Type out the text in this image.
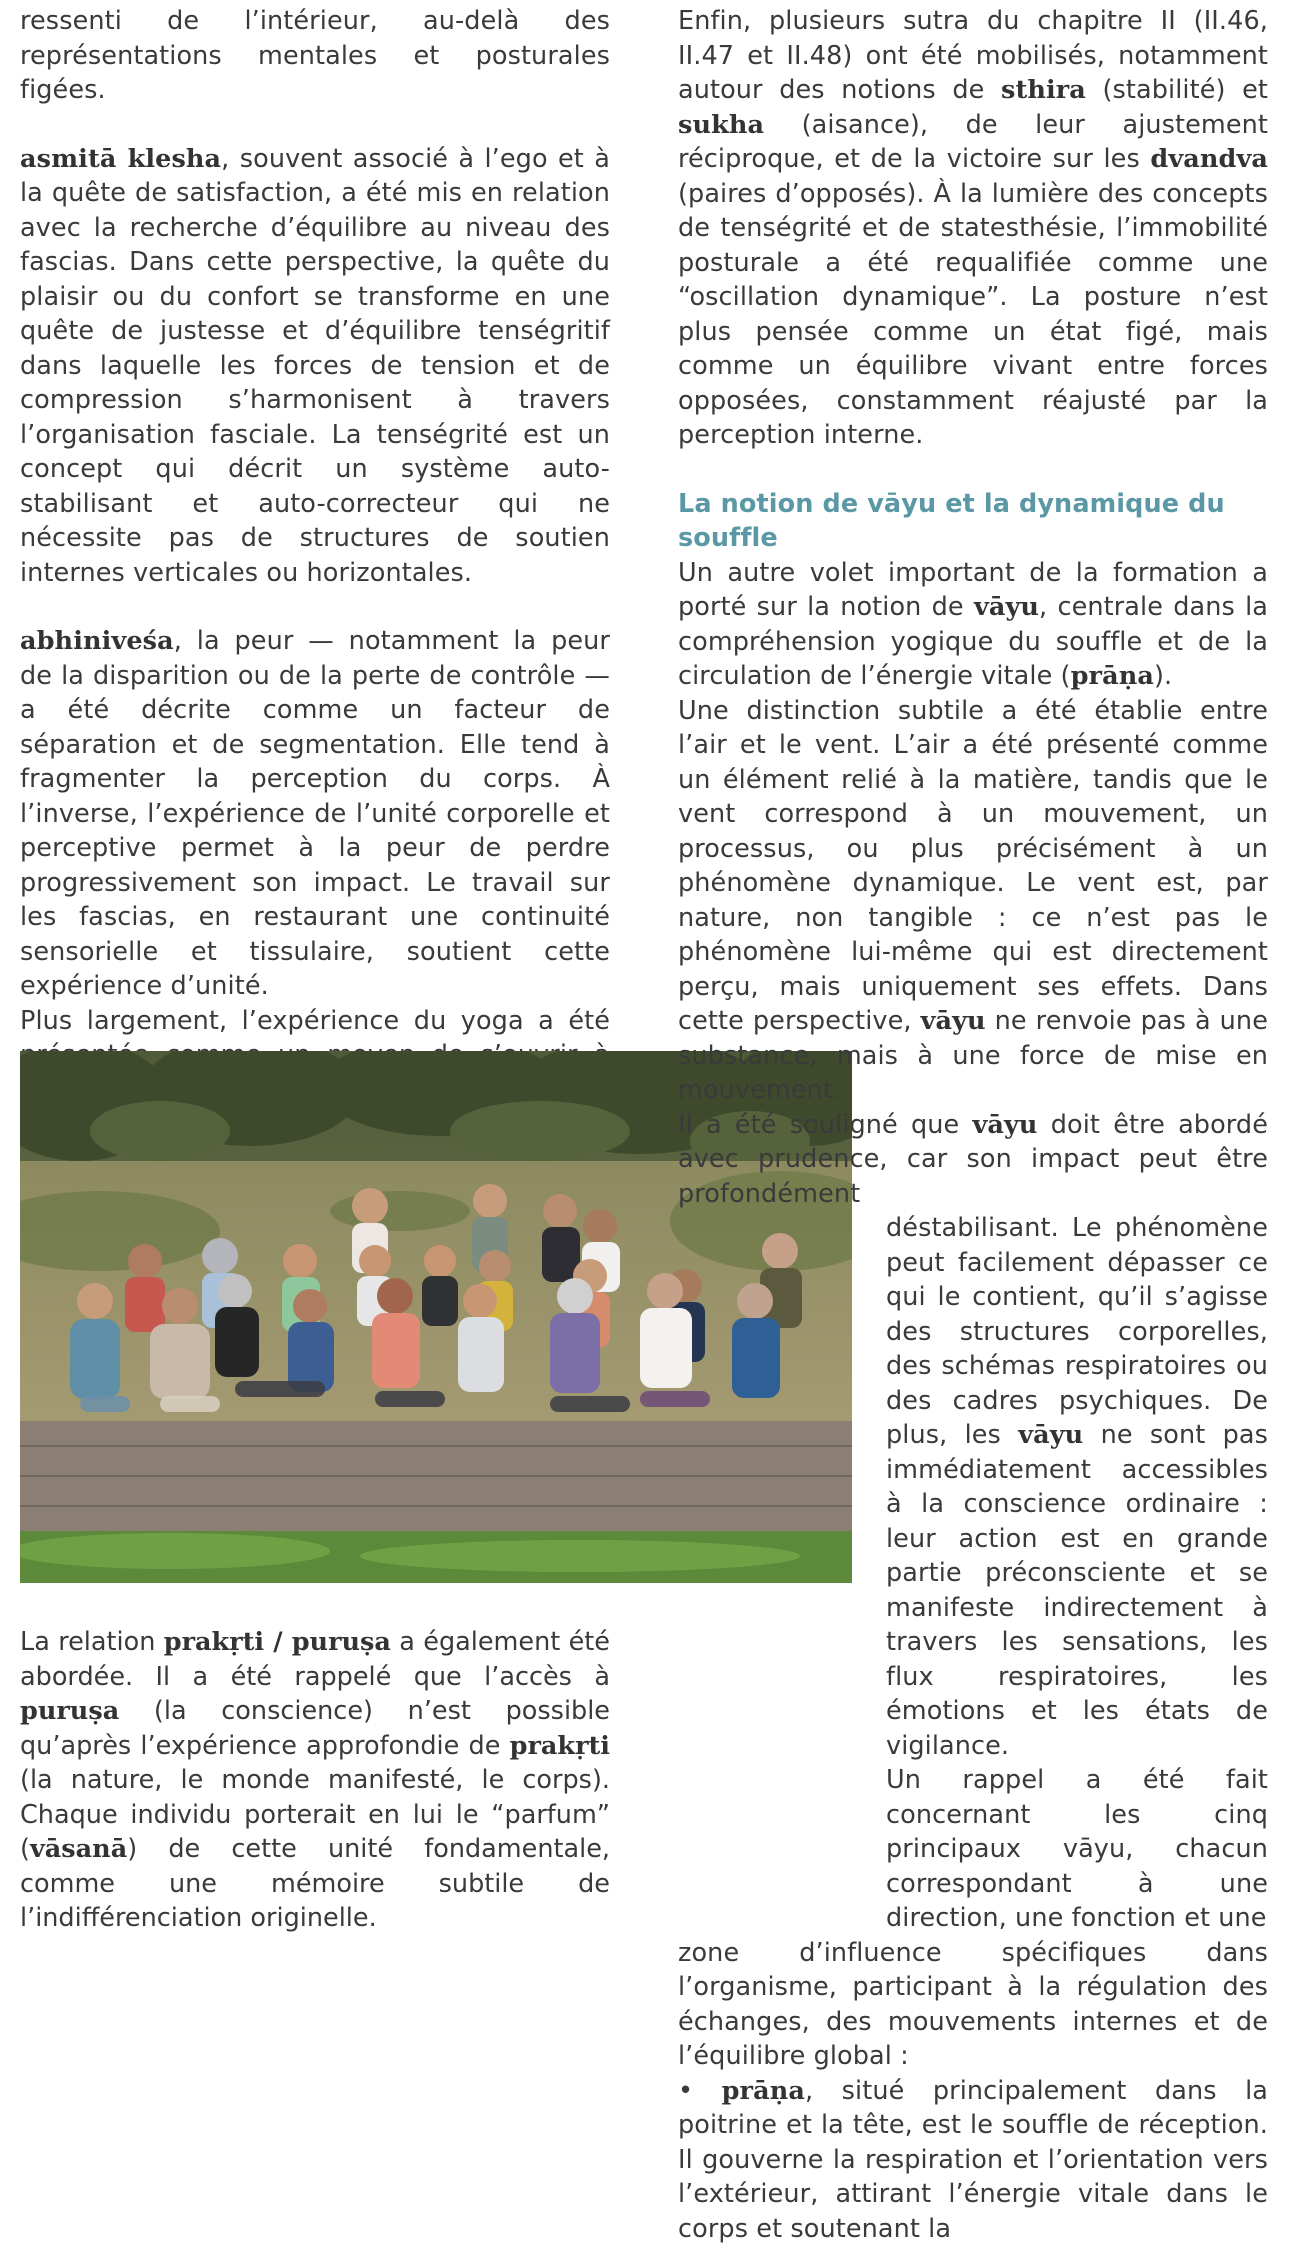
ressenti de l’intérieur, au-delà des représentations mentales et posturales figées.

asmitā klesha, souvent associé à l’ego et à la quête de satisfaction, a été mis en relation avec la recherche d’équilibre au niveau des fascias. Dans cette perspective, la quête du plaisir ou du confort se transforme en une quête de justesse et d’équilibre tenségritif dans laquelle les forces de tension et de compression s’harmonisent à travers l’organisation fasciale. La tenségrité est un concept qui décrit un système auto-stabilisant et auto-correcteur qui ne nécessite pas de structures de soutien internes verticales ou horizontales.

abhiniveśa, la peur — notamment la peur de la disparition ou de la perte de contrôle — a été décrite comme un facteur de séparation et de segmentation. Elle tend à fragmenter la perception du corps. À l’inverse, l’expérience de l’unité corporelle et perceptive permet à la peur de perdre progressivement son impact. Le travail sur les fascias, en restaurant une continuité sensorielle et tissulaire, soutient cette expérience d’unité.

Plus largement, l’expérience du yoga a été

La relation prakṛti / puruṣa a également été abordée. Il a été rappelé que l’accès à puruṣa (la conscience) n’est possible qu’après l’expérience approfondie de prakṛti (la nature, le monde manifesté, le corps). Chaque individu porterait en lui le “parfum” (vāsanā) de cette unité fondamentale, comme une mémoire subtile de l’indifférenciation originelle.

Enfin, plusieurs sutra du chapitre II (II.46, II.47 et II.48) ont été mobilisés, notamment autour des notions de sthira (stabilité) et sukha (aisance), de leur ajustement réciproque, et de la victoire sur les dvandva (paires d’opposés). À la lumière des concepts de tenségrité et de statesthésie, l’immobilité posturale a été requalifiée comme une “oscillation dynamique”. La posture n’est plus pensée comme un état figé, mais comme un équilibre vivant entre forces opposées, constamment réajusté par la perception interne.

La notion de vāyu et la dynamique du souffle

Un autre volet important de la formation a porté sur la notion de vāyu, centrale dans la compréhension yogique du souffle et de la circulation de l’énergie vitale (prāṇa).

Une distinction subtile a été établie entre l’air et le vent. L’air a été présenté comme un élément relié à la matière, tandis que le vent correspond à un mouvement, un processus, ou plus précisément à un phénomène dynamique. Le vent est, par nature, non tangible : ce n’est pas le phénomène lui-même qui est directement perçu, mais uniquement ses effets. Dans cette perspective, vāyu ne renvoie pas à une substance, mais à une force de mise en mouvement.

Il a été souligné que vāyu doit être abordé avec prudence, car son impact peut être profondément

déstabilisant. Le phénomène peut facilement dépasser ce qui le contient, qu’il s’agisse des structures corporelles, des schémas respiratoires ou des cadres psychiques. De plus, les vāyu ne sont pas immédiatement accessibles à la conscience ordinaire : leur action est en grande partie préconsciente et se manifeste indirectement à travers les sensations, les flux respiratoires, les émotions et les états de vigilance.

Un rappel a été fait concernant les cinq principaux vāyu, chacun correspondant à une direction, une fonction et une

zone d’influence spécifiques dans l’organisme, participant à la régulation des échanges, des mouvements internes et de l’équilibre global :

• prāṇa, situé principalement dans la poitrine et la tête, est le souffle de réception. Il gouverne la respiration et l’orientation vers l’extérieur, attirant l’énergie vitale dans le corps et soutenant la
